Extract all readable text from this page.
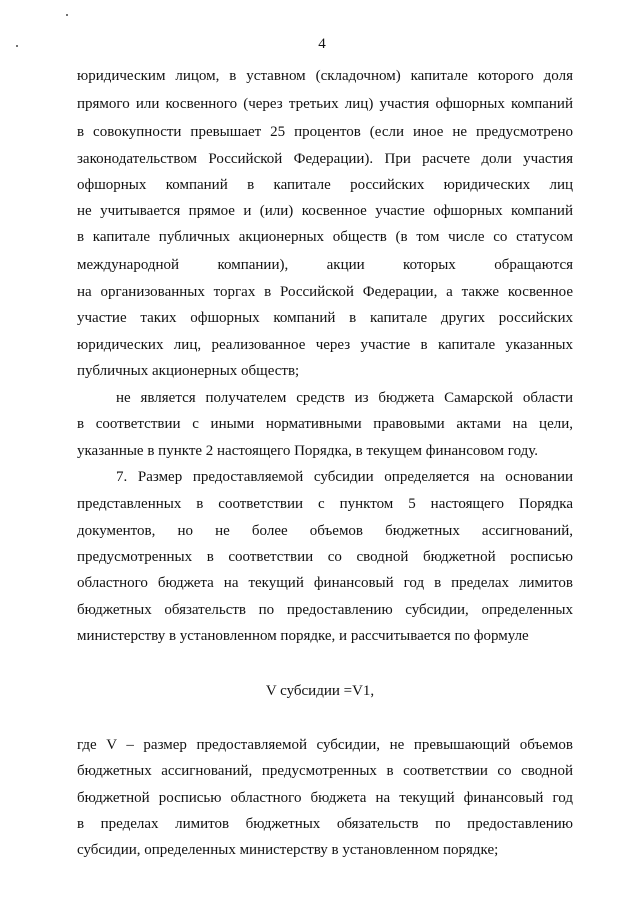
4
юридическим лицом, в уставном (складочном) капитале которого доля
прямого или косвенного (через третьих лиц) участия офшорных компаний
в совокупности превышает 25 процентов (если иное не предусмотрено
законодательством Российской Федерации). При расчете доли участия
офшорных компаний в капитале российских юридических лиц
не учитывается прямое и (или) косвенное участие офшорных компаний
в капитале публичных акционерных обществ (в том числе со статусом
международной компании), акции которых обращаются
на организованных торгах в Российской Федерации, а также косвенное
участие таких офшорных компаний в капитале других российских
юридических лиц, реализованное через участие в капитале указанных
публичных акционерных обществ;
не является получателем средств из бюджета Самарской области
в соответствии с иными нормативными правовыми актами на цели,
указанные в пункте 2 настоящего Порядка, в текущем финансовом году.
7. Размер предоставляемой субсидии определяется на основании
представленных в соответствии с пунктом 5 настоящего Порядка
документов, но не более объемов бюджетных ассигнований,
предусмотренных в соответствии со сводной бюджетной росписью
областного бюджета на текущий финансовый год в пределах лимитов
бюджетных обязательств по предоставлению субсидии, определенных
министерству в установленном порядке, и рассчитывается по формуле
V субсидии =V1,
где V – размер предоставляемой субсидии, не превышающий объемов
бюджетных ассигнований, предусмотренных в соответствии со сводной
бюджетной росписью областного бюджета на текущий финансовый год
в пределах лимитов бюджетных обязательств по предоставлению
субсидии, определенных министерству в установленном порядке;
